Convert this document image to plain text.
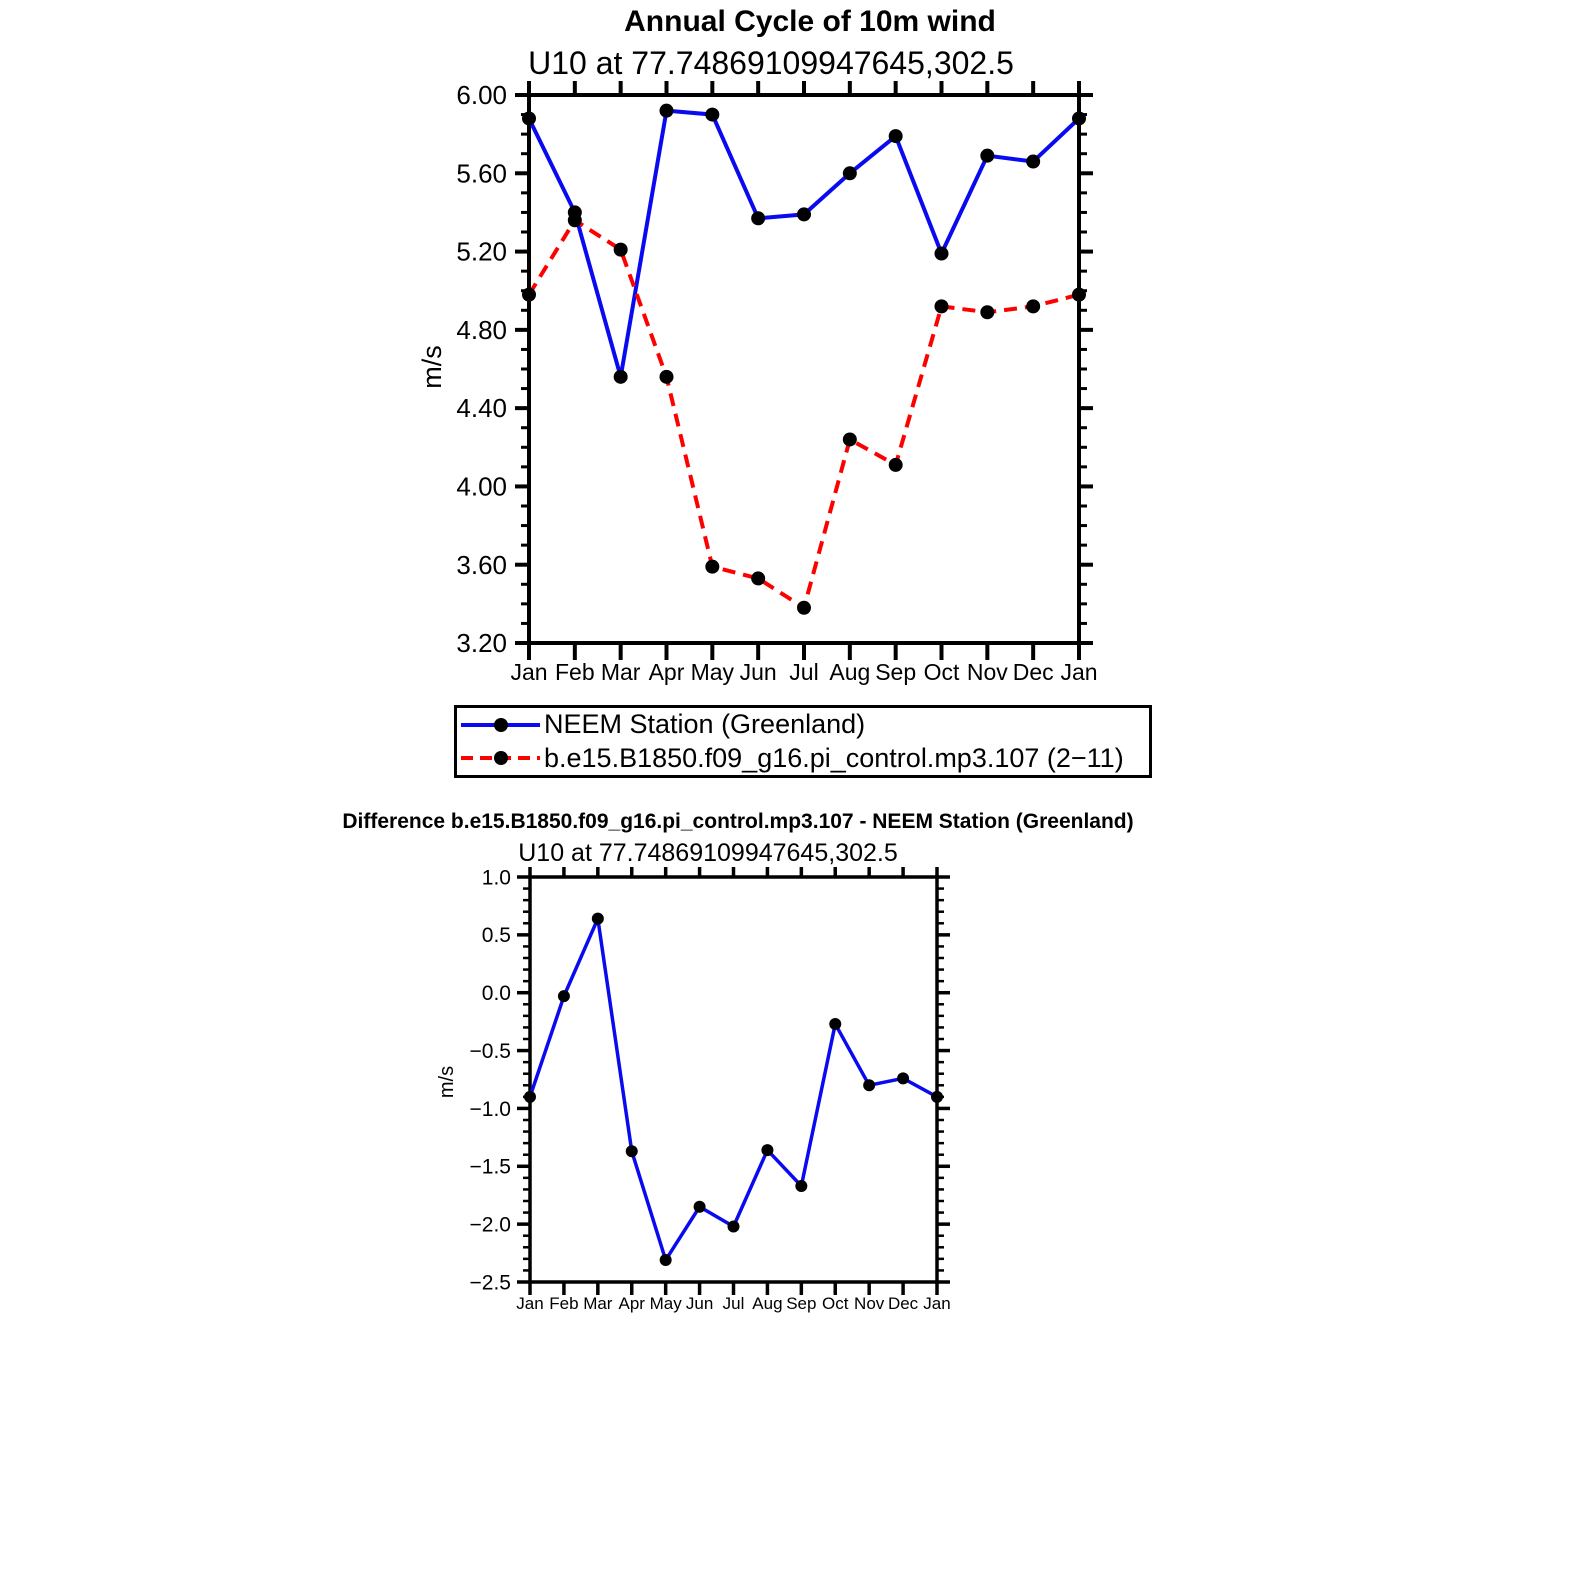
Annual Cycle of 10m wind
U10 at 77.74869109947645,302.5
m/s
Difference b.e15.B1850.f09_g16.pi_control.mp3.107 - NEEM Station (Greenland)
U10 at 77.74869109947645,302.5
m/s
6.00
5.60
5.20
4.80
4.40
4.00
3.60
3.20
Jan Feb Mar Apr May Jun Jul Aug Sep Oct Nov Dec Jan
1.0
0.5
0.0
−0.5
−1.0
−1.5
−2.0
−2.5
Jan Feb Mar Apr May Jun Jul Aug Sep Oct Nov Dec Jan
NEEM Station (Greenland)
b.e15.B1850.f09_g16.pi_control.mp3.107 (2−11)
